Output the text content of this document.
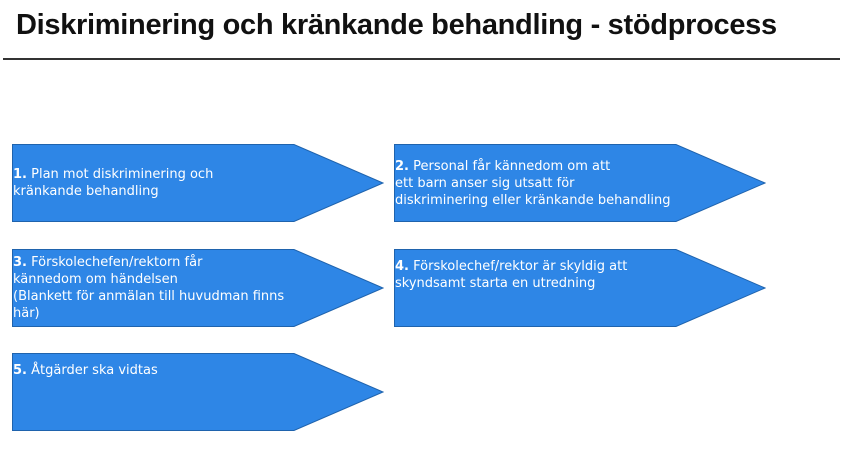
Diskriminering och kränkande behandling - stödprocess
1. Plan mot diskriminering och
kränkande behandling
2. Personal får kännedom om att
ett barn anser sig utsatt för
diskriminering eller kränkande behandling
3. Förskolechefen/rektorn får
kännedom om händelsen
(Blankett för anmälan till huvudman finns
här)
4. Förskolechef/rektor är skyldig att
skyndsamt starta en utredning
5. Åtgärder ska vidtas
